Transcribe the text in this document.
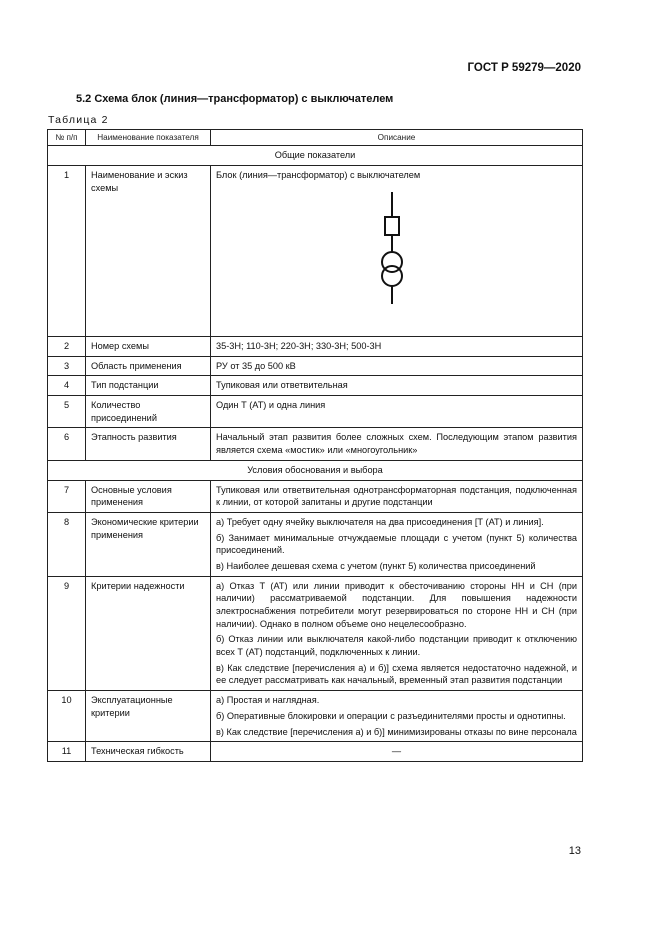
ГОСТ Р 59279—2020
5.2 Схема блок (линия—трансформатор) с выключателем
Таблица 2
№ п/п	Наименование показателя	Описание
Общие показатели		
1	Наименование и эскиз схемы	Блок (линия—трансформатор) с выключателем

2	Номер схемы	35-3Н; 110-3Н; 220-3Н; 330-3Н; 500-3Н

3	Область применения	РУ от 35 до 500 кВ

4	Тип подстанции	Тупиковая или ответвительная

5	Количество присоединений	Один Т (АТ) и одна линия

6	Этапность развития	Начальный этап развития более сложных схем. Последующим этапом развития является схема «мостик» или «многоугольник»

Условия обоснования и выбора		
7	Основные условия применения	Тупиковая или ответвительная однотрансформаторная подстанция, подключенная к линии, от которой запитаны и другие подстанции

8	Экономические критерии применения	а) Требует одну ячейку выключателя на два присоединения [Т (АТ) и линия].

б) Занимает минимальные отчуждаемые площади с учетом (пункт 5) количества присоединений.

в) Наиболее дешевая схема с учетом (пункт 5) количества присоединений

9	Критерии надежности	а) Отказ Т (АТ) или линии приводит к обесточиванию стороны НН и СН (при наличии) рассматриваемой подстанции. Для повышения надежности электроснабжения потребители могут резервироваться по стороне НН и СН (при наличии). Однако в полном объеме оно нецелесообразно.

б) Отказ линии или выключателя какой-либо подстанции приводит к отключению всех Т (АТ) подстанций, подключенных к линии.

в) Как следствие [перечисления а) и б)] схема является недостаточно надежной, и ее следует рассматривать как начальный, временный этап развития подстанции

10	Эксплуатационные критерии	а) Простая и наглядная.

б) Оперативные блокировки и операции с разъединителями просты и однотипны.

в) Как следствие [перечисления а) и б)] минимизированы отказы по вине персонала

11	Техническая гибкость	—

13
